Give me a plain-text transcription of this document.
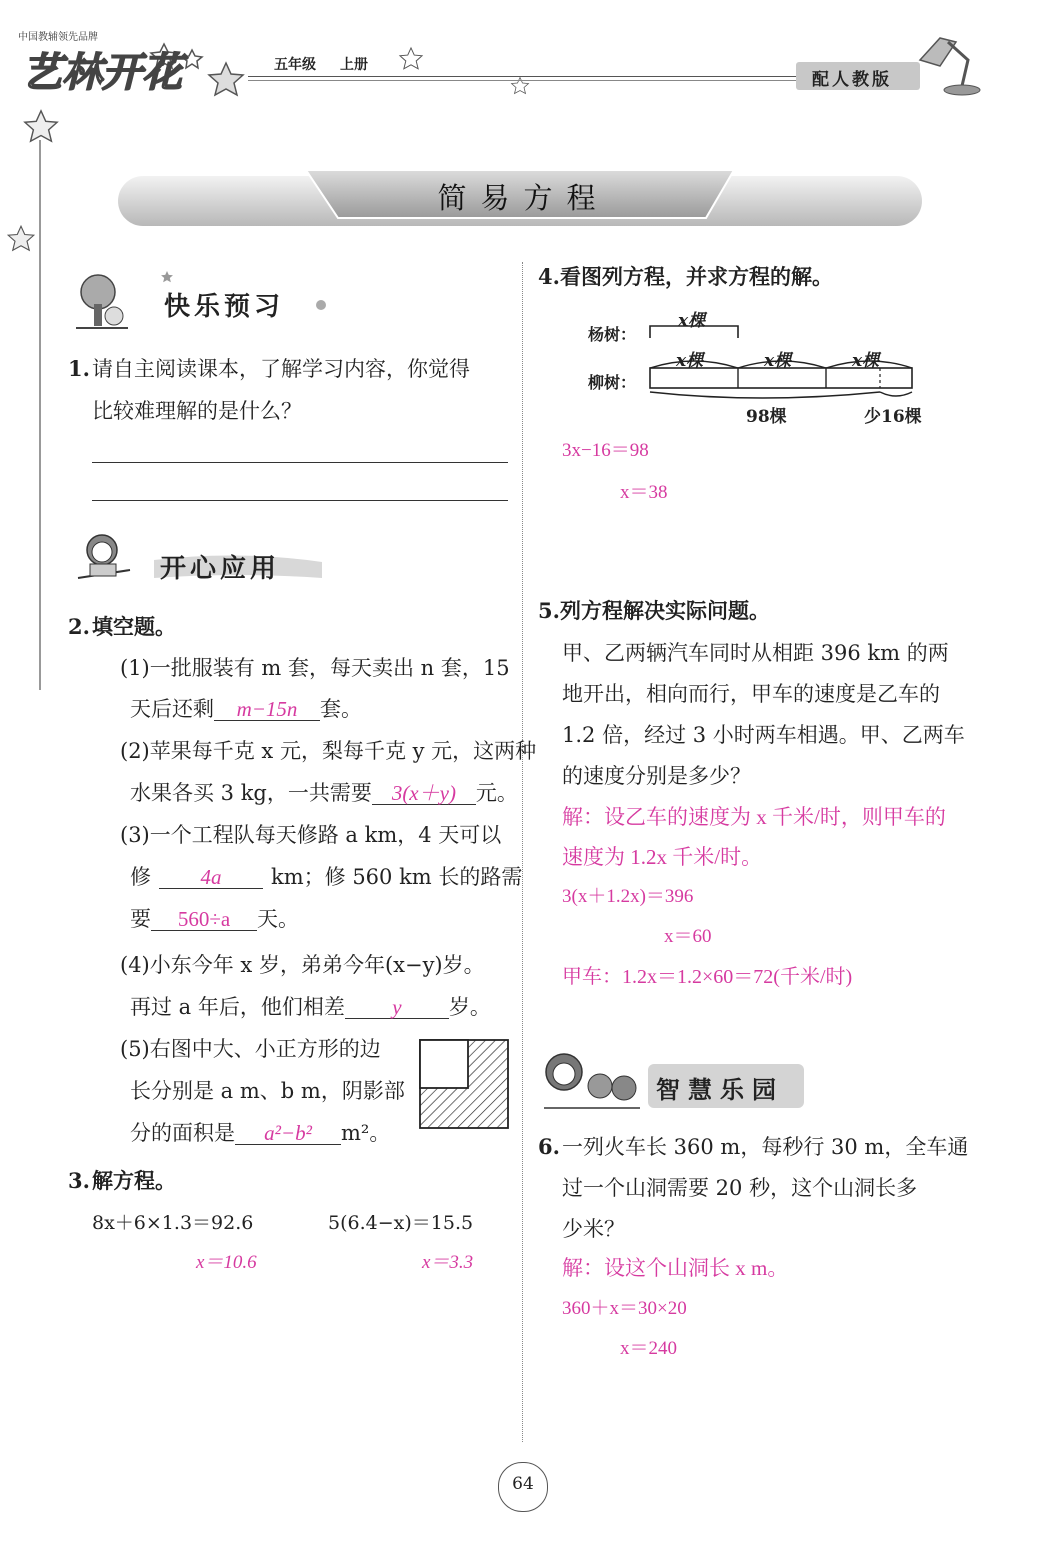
中国教辅领先品牌
艺林开花	五年级 上册
配人教版
简易方程
快乐预习
1. 请自主阅读课本，了解学习内容，你觉得
比较难理解的是什么？
开心应用
2. 填空题。
(1)一批服装有 m 套，每天卖出 n 套，15
天后还剩 m−15n 套。
(2)苹果每千克 x 元，梨每千克 y 元，这两种
水果各买 3 kg，一共需要 3(x＋y) 元。
(3)一个工程队每天修路 a km，4 天可以
修 4a km；修 560 km 长的路需
要 560÷a 天。
(4)小东今年 x 岁，弟弟今年(x−y)岁。
再过 a 年后，他们相差 y 岁。
(5)右图中大、小正方形的边
长分别是 a m、b m，阴影部
分的面积是 a²−b² m²。
3. 解方程。
8x＋6×1.3＝92.6
x＝10.6
5(6.4−x)＝15.5
x＝3.3
4. 看图列方程，并求方程的解。
杨树：
柳树：
x棵
x棵	x棵	x棵
98棵	少16棵
3x−16＝98
x＝38
5. 列方程解决实际问题。
甲、乙两辆汽车同时从相距 396 km 的两
地开出，相向而行，甲车的速度是乙车的
1.2 倍，经过 3 小时两车相遇。甲、乙两车
的速度分别是多少？
解：设乙车的速度为 x 千米/时，则甲车的
速度为 1.2x 千米/时。
3(x＋1.2x)＝396
x＝60
甲车：1.2x＝1.2×60＝72(千米/时)
智慧乐园
6. 一列火车长 360 m，每秒行 30 m，全车通
过一个山洞需要 20 秒，这个山洞长多
少米？
解：设这个山洞长 x m。
360＋x＝30×20
x＝240
64
